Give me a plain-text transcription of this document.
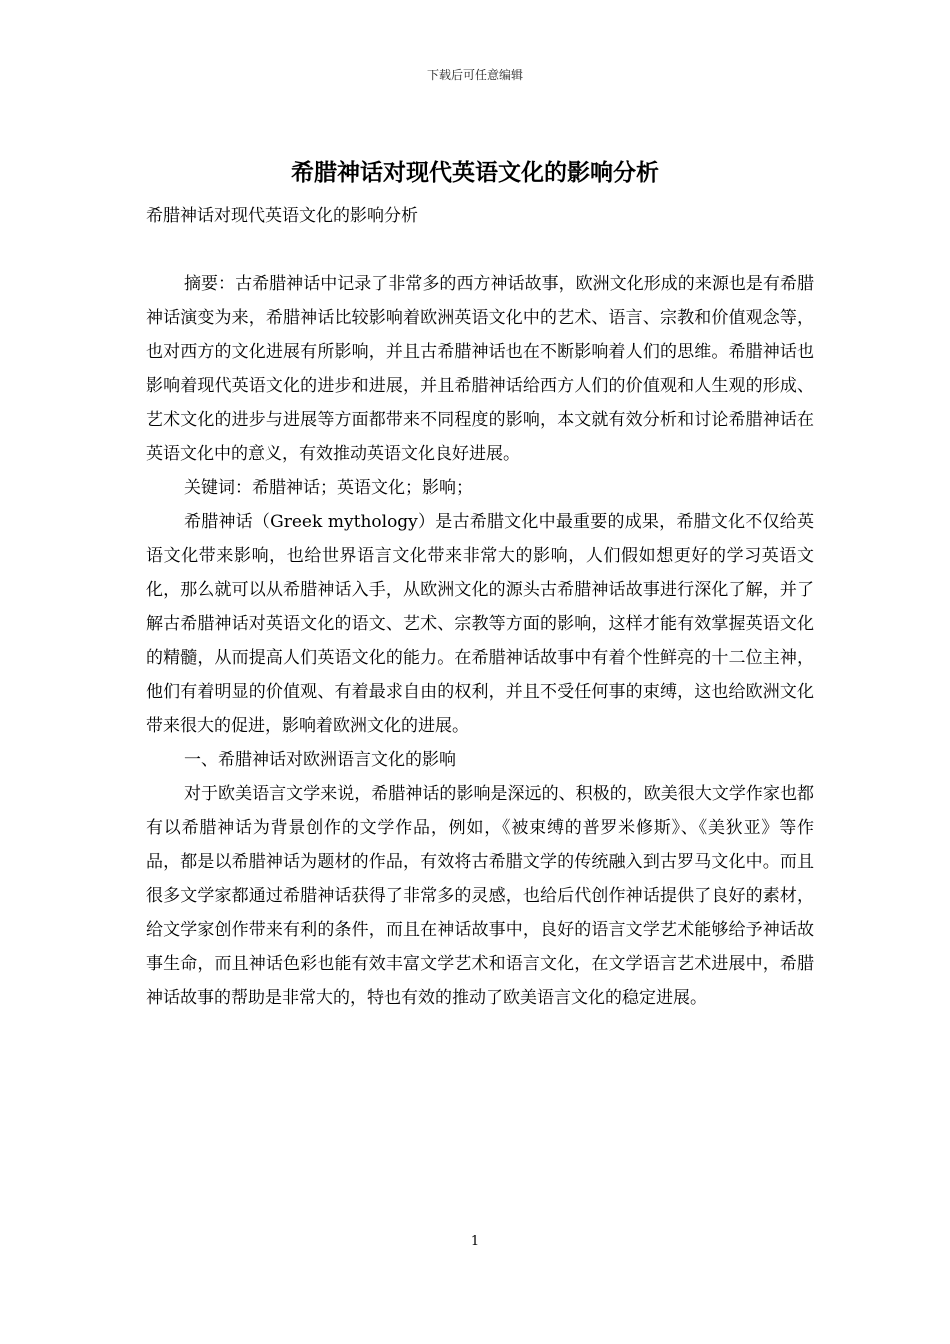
下载后可任意编辑
希腊神话对现代英语文化的影响分析

希腊神话对现代英语文化的影响分析

摘要：古希腊神话中记录了非常多的西方神话故事，欧洲文化形成的来源也是有希腊神话演变为来，希腊神话比较影响着欧洲英语文化中的艺术、语言、宗教和价值观念等，也对西方的文化进展有所影响，并且古希腊神话也在不断影响着人们的思维。希腊神话也影响着现代英语文化的进步和进展，并且希腊神话给西方人们的价值观和人生观的形成、艺术文化的进步与进展等方面都带来不同程度的影响，本文就有效分析和讨论希腊神话在英语文化中的意义，有效推动英语文化良好进展。

关键词：希腊神话；英语文化；影响；

希腊神话（Greek mythology）是古希腊文化中最重要的成果，希腊文化不仅给英语文化带来影响，也给世界语言文化带来非常大的影响，人们假如想更好的学习英语文化，那么就可以从希腊神话入手，从欧洲文化的源头古希腊神话故事进行深化了解，并了解古希腊神话对英语文化的语文、艺术、宗教等方面的影响，这样才能有效掌握英语文化的精髓，从而提高人们英语文化的能力。在希腊神话故事中有着个性鲜亮的十二位主神，他们有着明显的价值观、有着最求自由的权利，并且不受任何事的束缚，这也给欧洲文化带来很大的促进，影响着欧洲文化的进展。

一、希腊神话对欧洲语言文化的影响

对于欧美语言文学来说，希腊神话的影响是深远的、积极的，欧美很大文学作家也都有以希腊神话为背景创作的文学作品，例如，《被束缚的普罗米修斯》、《美狄亚》等作品，都是以希腊神话为题材的作品，有效将古希腊文学的传统融入到古罗马文化中。而且很多文学家都通过希腊神话获得了非常多的灵感，也给后代创作神话提供了良好的素材，给文学家创作带来有利的条件，而且在神话故事中，良好的语言文学艺术能够给予神话故事生命，而且神话色彩也能有效丰富文学艺术和语言文化，在文学语言艺术进展中，希腊神话故事的帮助是非常大的，特也有效的推动了欧美语言文化的稳定进展。

1
